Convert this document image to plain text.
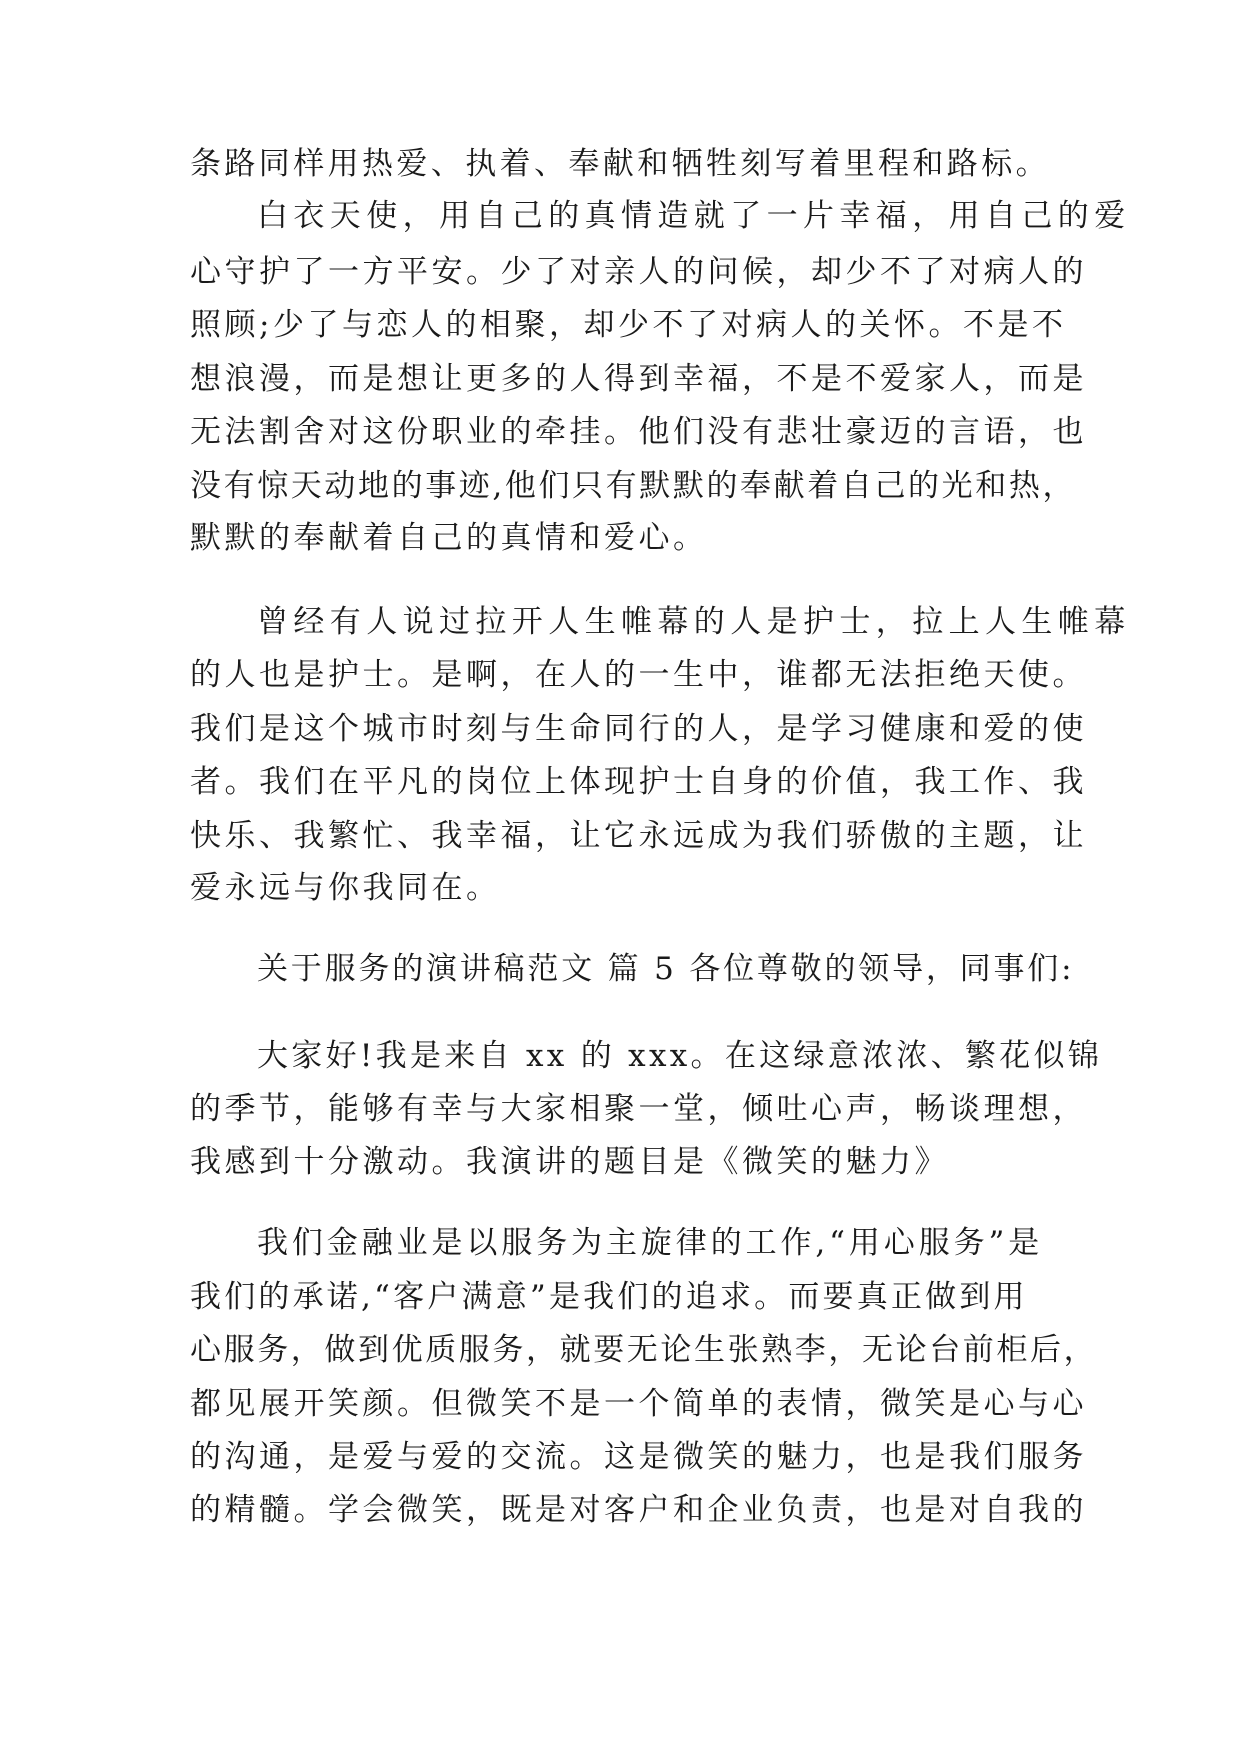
条路同样用热爱、执着、奉献和牺牲刻写着里程和路标。
白衣天使，用自己的真情造就了一片幸福，用自己的爱
心守护了一方平安。少了对亲人的问候，却少不了对病人的
照顾;少了与恋人的相聚，却少不了对病人的关怀。不是不
想浪漫，而是想让更多的人得到幸福，不是不爱家人，而是
无法割舍对这份职业的牵挂。他们没有悲壮豪迈的言语，也
没有惊天动地的事迹,他们只有默默的奉献着自己的光和热，
默默的奉献着自己的真情和爱心。
曾经有人说过拉开人生帷幕的人是护士，拉上人生帷幕
的人也是护士。是啊，在人的一生中，谁都无法拒绝天使。
我们是这个城市时刻与生命同行的人，是学习健康和爱的使
者。我们在平凡的岗位上体现护士自身的价值，我工作、我
快乐、我繁忙、我幸福，让它永远成为我们骄傲的主题，让
爱永远与你我同在。
关于服务的演讲稿范文 篇 5 各位尊敬的领导，同事们:
大家好!我是来自 xx 的 xxx。在这绿意浓浓、繁花似锦
的季节，能够有幸与大家相聚一堂，倾吐心声，畅谈理想，
我感到十分激动。我演讲的题目是《微笑的魅力》
我们金融业是以服务为主旋律的工作,“用心服务”是
我们的承诺,“客户满意”是我们的追求。而要真正做到用
心服务，做到优质服务，就要无论生张熟李，无论台前柜后，
都见展开笑颜。但微笑不是一个简单的表情，微笑是心与心
的沟通，是爱与爱的交流。这是微笑的魅力，也是我们服务
的精髓。学会微笑，既是对客户和企业负责，也是对自我的
